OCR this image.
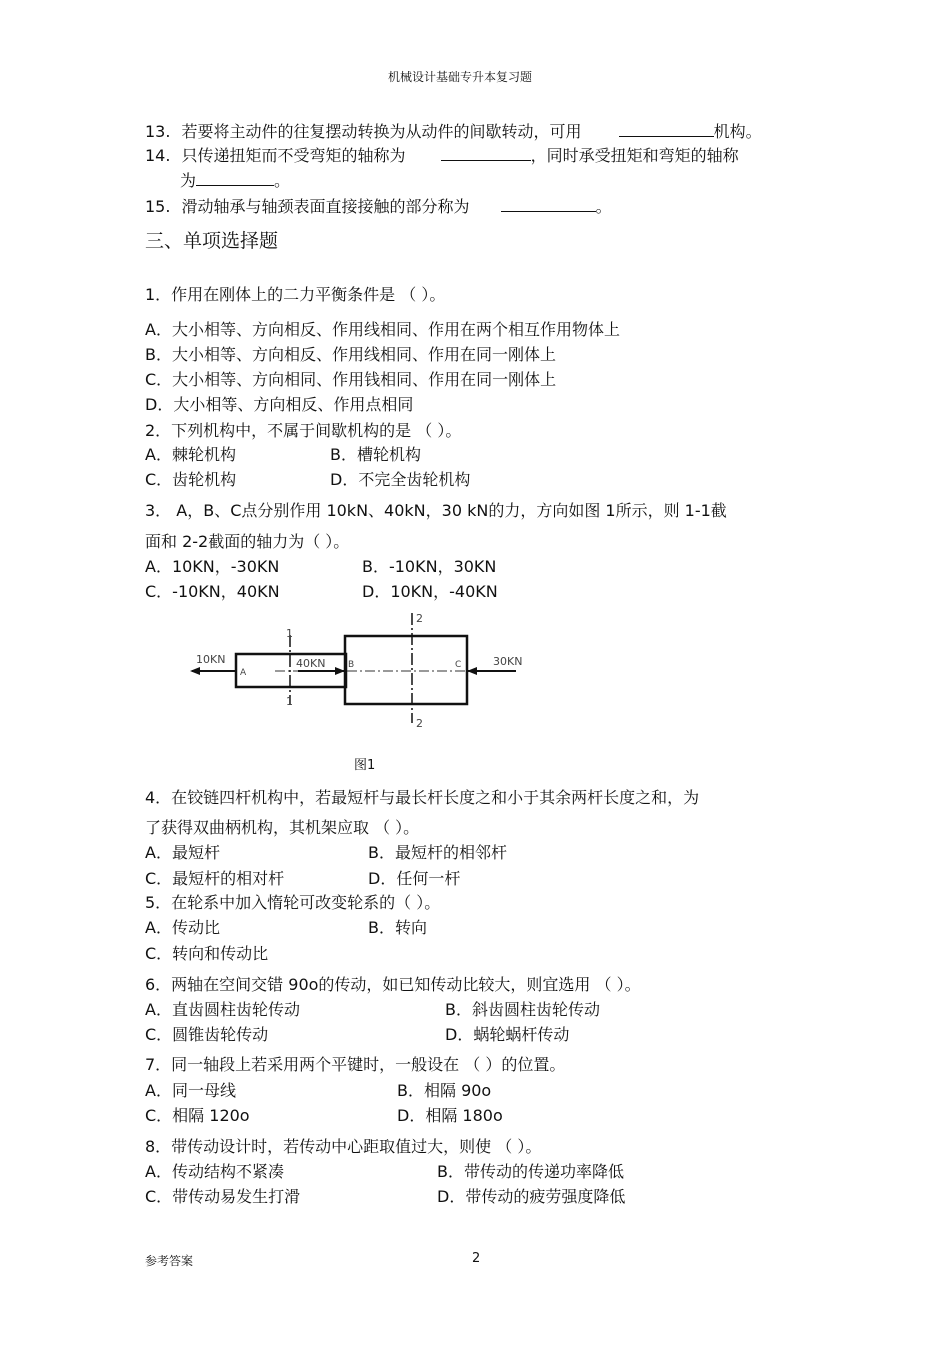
机械设计基础专升本复习题
13. 若要将主动件的往复摆动转换为从动件的间歇转动，可用	机构。
14. 只传递扭矩而不受弯矩的轴称为	，同时承受扭矩和弯矩的轴称
为	。
15. 滑动轴承与轴颈表面直接接触的部分称为	。
三、单项选择题
1．作用在刚体上的二力平衡条件是 （ ）。
A．大小相等、方向相反、作用线相同、作用在两个相互作用物体上
B．大小相等、方向相反、作用线相同、作用在同一刚体上
C．大小相等、方向相同、作用钱相同、作用在同一刚体上
D．大小相等、方向相反、作用点相同
2．下列机构中，不属于间歇机构的是 （ ）。
A．棘轮机构	B．槽轮机构
C．齿轮机构	D．不完全齿轮机构
3． A，B、C点分别作用 10kN、40kN，30 kN的力，方向如图 1所示，则 1-1截
面和 2-2截面的轴力为（ ）。
A．10KN，-30KN	B．-10KN，30KN
C．-10KN，40KN	D．10KN，-40KN
10KN	40KN	30KN
A
B	C
1
1
2
2
图1
4．在铰链四杆机构中，若最短杆与最长杆长度之和小于其余两杆长度之和，为
了获得双曲柄机构，其机架应取 （ ）。
A．最短杆	B．最短杆的相邻杆
C．最短杆的相对杆	D．任何一杆
5．在轮系中加入惰轮可改变轮系的（ ）。
A．传动比	B．转向
C．转向和传动比
6．两轴在空间交错 90o的传动，如已知传动比较大，则宜选用 （ ）。
A．直齿圆柱齿轮传动	B．斜齿圆柱齿轮传动
C．圆锥齿轮传动	D．蜗轮蜗杆传动
7．同一轴段上若采用两个平键时，一般设在 （ ）的位置。
A．同一母线	B．相隔 90o
C．相隔 120o	D．相隔 180o
8．带传动设计时，若传动中心距取值过大，则使 （ ）。
A．传动结构不紧凑	B．带传动的传递功率降低
C．带传动易发生打滑	D．带传动的疲劳强度降低
参考答案	2
